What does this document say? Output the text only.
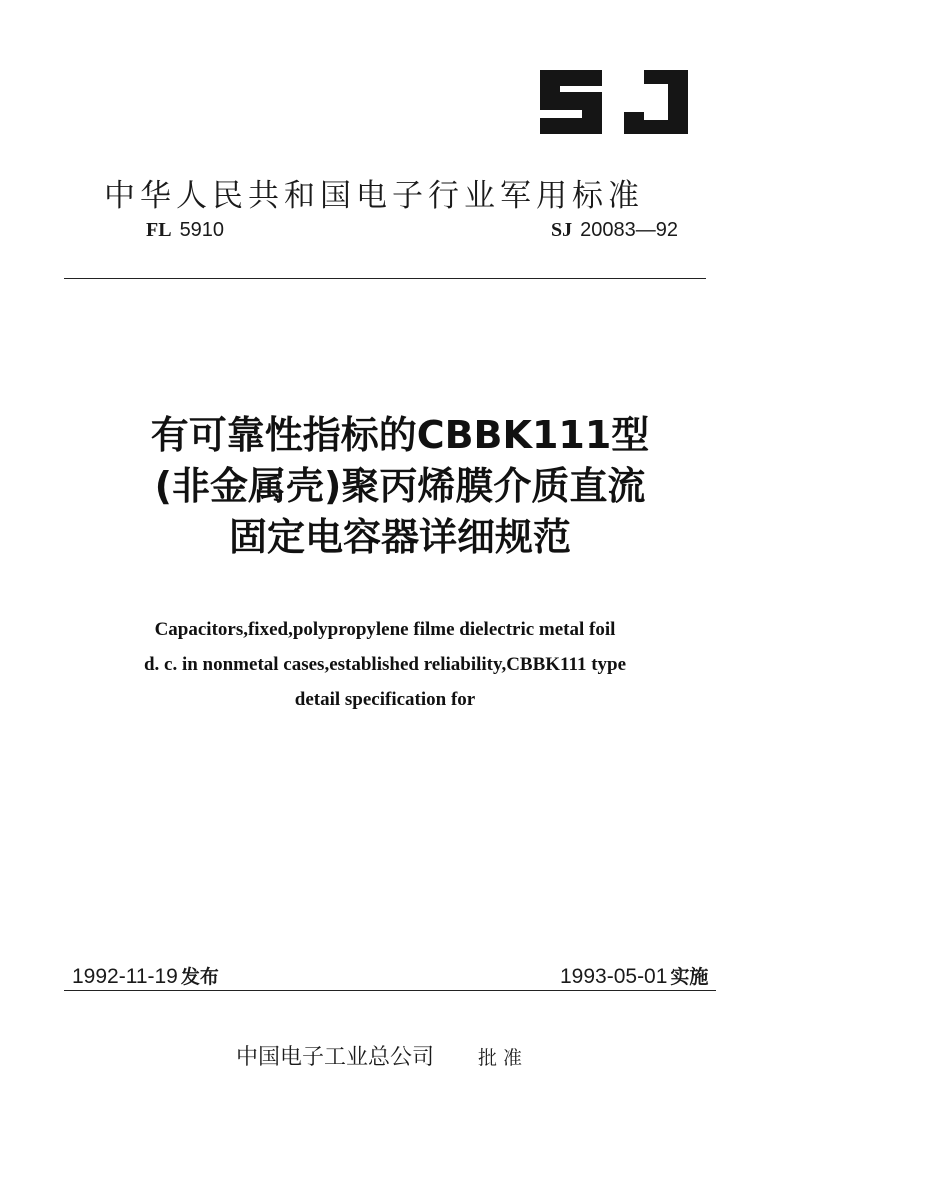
中华人民共和国电子行业军用标准
FL 5910	SJ 20083—92
有可靠性指标的CBBK111型
(非金属壳)聚丙烯膜介质直流
固定电容器详细规范
Capacitors,fixed,polypropylene filme dielectric metal foil
d. c. in nonmetal cases,established reliability,CBBK111 type
detail specification for
1992-11-19 发布	1993-05-01 实施
中国电子工业总公司 批准
